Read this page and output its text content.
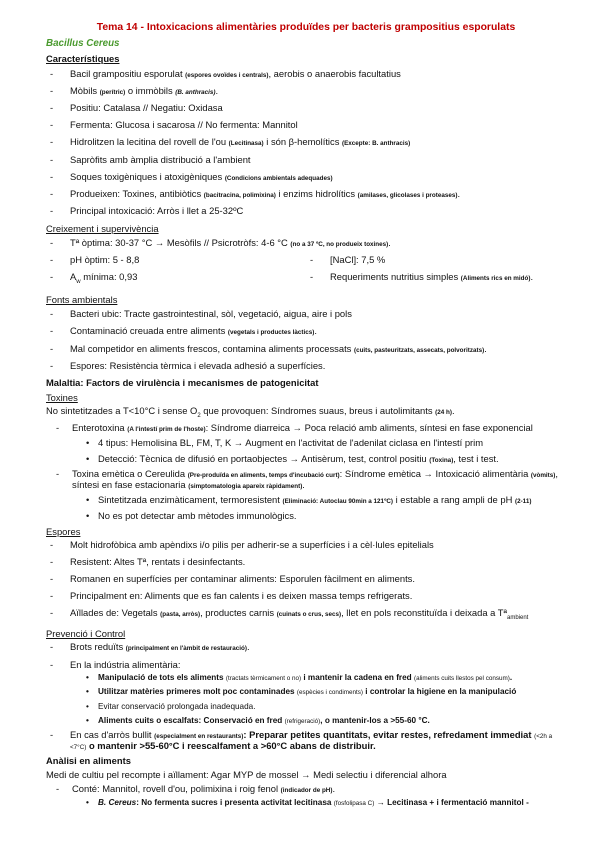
Tema 14 - Intoxicacions alimentàries produïdes per bacteris grampositius esporulats
Bacillus Cereus
Característiques
- Bacil grampositiu esporulat (espores ovoïdes i centrals), aerobis o anaerobis facultatius
- Mòbils (perítric) o immòbils (B. anthracis).
- Positiu: Catalasa // Negatiu: Oxidasa
- Fermenta: Glucosa i sacarosa // No fermenta: Mannitol
- Hidrolitzen la lecitina del rovell de l'ou (Lecitinasa) i són β-hemolítics (Excepte: B. anthracis)
- Sapròfits amb àmplia distribució a l'ambient
- Soques toxigèniques i atoxigèniques (Condicions ambientals adequades)
- Produeixen: Toxines, antibiòtics (bacitracina, polimixina) i enzims hidrolítics (amilases, glicolases i proteases).
- Principal intoxicació: Arròs i llet a 25-32ºC
Creixement i supervivència
- Tª òptima: 30-37 °C → Mesòfils // Psicrotròfs: 4-6 °C (no a 37 ºC, no produeix toxines).
- pH òptim: 5 - 8,8	- [NaCl]: 7,5 %
- $A_w$ mínima: 0,93	- Requeriments nutritius simples (Aliments rics en midó).
Fonts ambientals
- Bacteri ubic: Tracte gastrointestinal, sòl, vegetació, aigua, aire i pols
- Contaminació creuada entre aliments (vegetals i productes làctics).
- Mal competidor en aliments frescos, contamina aliments processats (cuits, pasteuritzats, assecats, polvoritzats).
- Espores: Resistència tèrmica i elevada adhesió a superfícies.
Malaltia: Factors de virulència i mecanismes de patogenicitat
Toxines
No sintetitzades a T<10°C i sense $O_2$ que provoquen: Síndromes suaus, breus i autolimitants (24 h).
- Enterotoxina (A l'intestí prim de l'hoste): Síndrome diarreica → Poca relació amb aliments, síntesi en fase exponencial
• 4 tipus: Hemolisina BL, FM, T, K → Augment en l'activitat de l'adenilat ciclasa en l'intestí prim
• Detecció: Tècnica de difusió en portaobjectes → Antisèrum, test, control positiu (Toxina), test i test.
- Toxina emètica o Cereulida (Pre-produïda en aliments, temps d'incubació curt): Síndrome emètica → Intoxicació alimentària (vòmits), síntesi en fase estacionaria (simptomatologia apareix ràpidament).
• Sintetitzada enzimàticament, termoresistent (Eliminació: Autoclau 90min a 121ºC) i estable a rang ampli de pH (2-11)
• No es pot detectar amb mètodes immunològics.
Espores
- Molt hidrofòbica amb apèndixs i/o pilis per adherir-se a superfícies i a cèl·lules epitelials
- Resistent: Altes Tª, rentats i desinfectants.
- Romanen en superfícies per contaminar aliments: Esporulen fàcilment en aliments.
- Principalment en: Aliments que es fan calents i es deixen massa temps refrigerats.
- Aïllades de: Vegetals (pasta, arròs), productes carnis (cuinats o crus, secs), llet en pols reconstituïda i deixada a Tª$_{ambient}$
Prevenció i Control
- Brots reduïts (principalment en l'àmbit de restauració).
- En la indústria alimentària:
• Manipulació de tots els aliments (tractats tèrmicament o no) i mantenir la cadena en fred (aliments cuits llestos pel consum).
• Utilitzar matèries primeres molt poc contaminades (espècies i condiments) i controlar la higiene en la manipulació
• Evitar conservació prolongada inadequada.
• Aliments cuits o escalfats: Conservació en fred (refrigeració), o mantenir-los a >55-60 °C.
- En cas d'arròs bullit (especialment en restaurants): Preparar petites quantitats, evitar restes, refredament immediat (<2h a <7°C) o mantenir >55-60°C i reescalfament a >60°C abans de distribuir.
Anàlisi en aliments
Medi de cultiu pel recompte i aïllament: Agar MYP de mossel → Medi selectiu i diferencial alhora
- Conté: Mannitol, rovell d'ou, polimixina i roig fenol (indicador de pH).
• B. Cereus: No fermenta sucres i presenta activitat lecitinasa (fosfolipasa C) → Lecitinasa + i fermentació mannitol -
